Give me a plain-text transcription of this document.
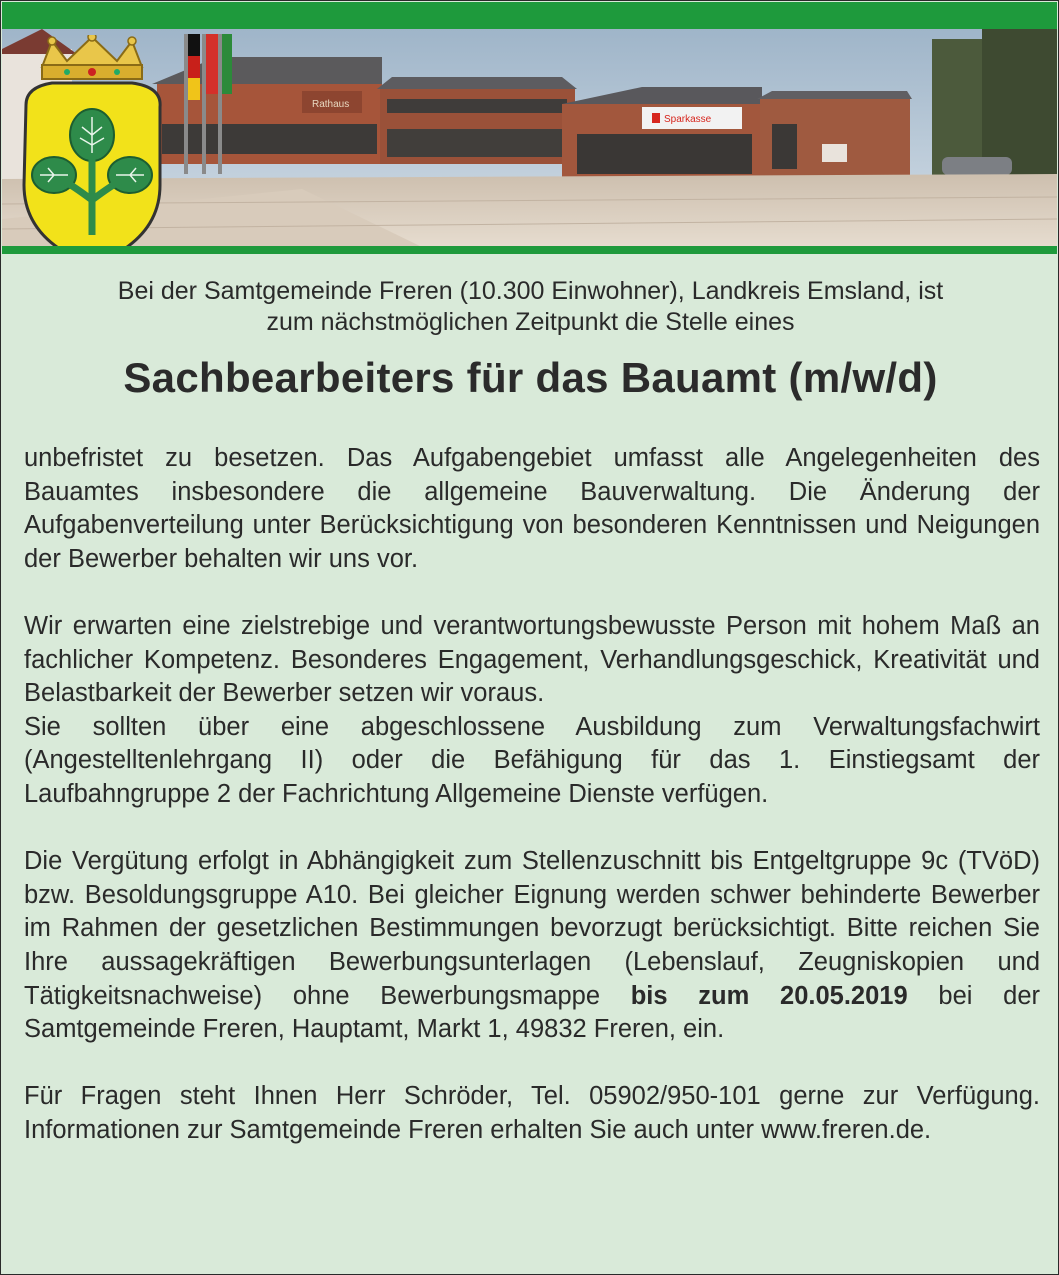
Sparkasse
Rathaus
Bei der Samtgemeinde Freren (10.300 Einwohner), Landkreis Emsland, ist
zum nächstmöglichen Zeitpunkt die Stelle eines
Sachbearbeiters für das Bauamt (m/w/d)

unbefristet zu besetzen. Das Aufgabengebiet umfasst alle Angelegenheiten des Bauamtes insbesondere die allgemeine Bauverwaltung. Die Änderung der Aufgabenverteilung unter Berücksichtigung von besonderen Kenntnissen und Neigungen der Bewerber behalten wir uns vor.

Wir erwarten eine zielstrebige und verantwortungsbewusste Person mit hohem Maß an fachlicher Kompetenz. Besonderes Engagement, Verhandlungsgeschick, Kreativität und Belastbarkeit der Bewerber setzen wir voraus.

Sie sollten über eine abgeschlossene Ausbildung zum Verwaltungsfachwirt (Angestelltenlehrgang II) oder die Befähigung für das 1. Einstiegsamt der Laufbahngruppe 2 der Fachrichtung Allgemeine Dienste verfügen.

Die Vergütung erfolgt in Abhängigkeit zum Stellenzuschnitt bis Entgeltgruppe 9c (TVöD) bzw. Besoldungsgruppe A10. Bei gleicher Eignung werden schwer behinderte Bewerber im Rahmen der gesetzlichen Bestimmungen bevorzugt berücksichtigt. Bitte reichen Sie Ihre aussagekräftigen Bewerbungsunterlagen (Lebenslauf, Zeugniskopien und Tätigkeitsnachweise) ohne Bewerbungsmappe bis zum 20.05.2019 bei der Samtgemeinde Freren, Hauptamt, Markt 1, 49832 Freren, ein.

Für Fragen steht Ihnen Herr Schröder, Tel. 05902/950-101 gerne zur Verfügung. Informationen zur Samtgemeinde Freren erhalten Sie auch unter www.freren.de.
